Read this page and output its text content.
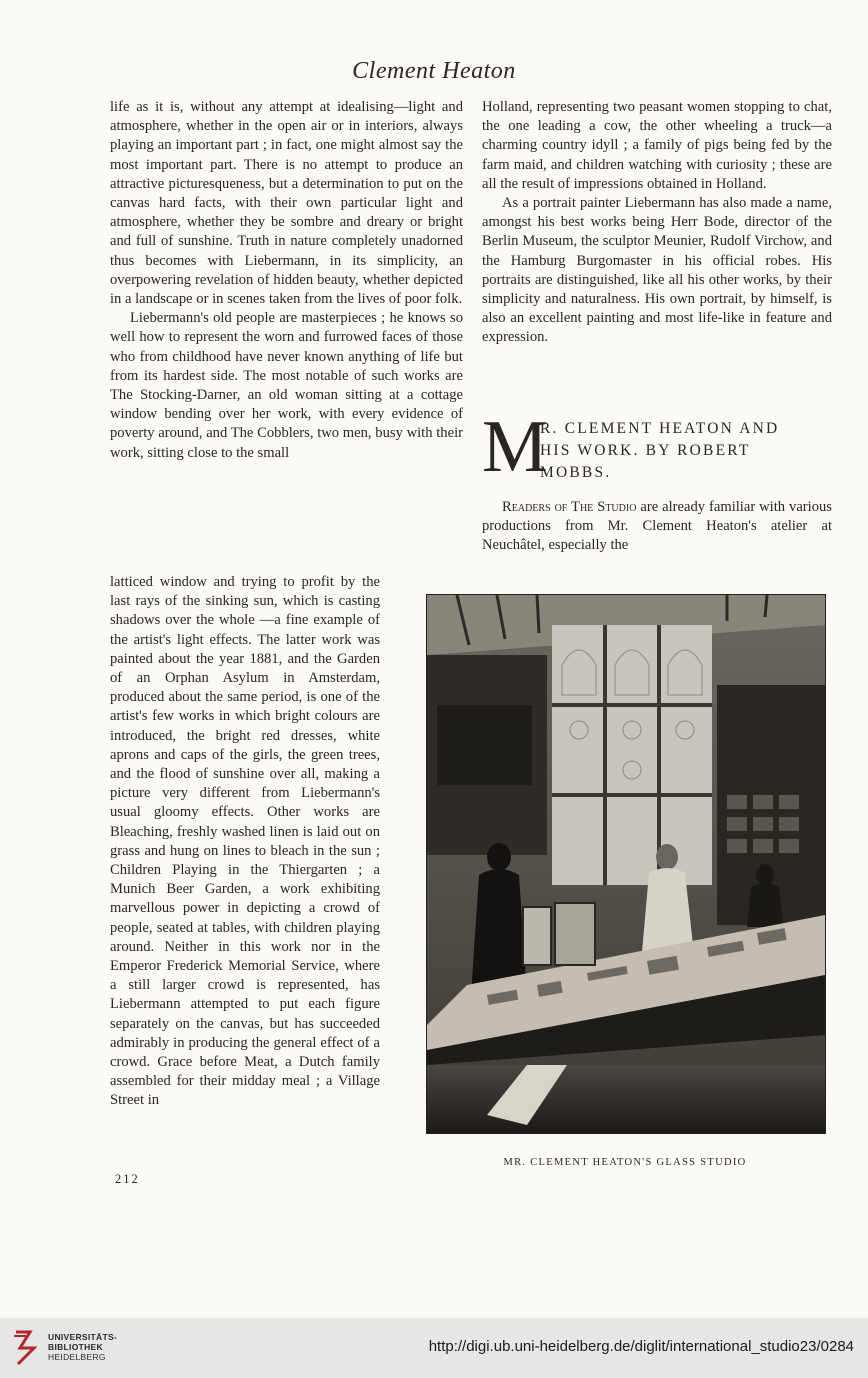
Clement Heaton

life as it is, without any attempt at idealising—light and atmosphere, whether in the open air or in interiors, always playing an important part ; in fact, one might almost say the most important part. There is no attempt to produce an attractive picturesqueness, but a determination to put on the canvas hard facts, with their own particular light and atmosphere, whether they be sombre and dreary or bright and full of sunshine. Truth in nature completely unadorned thus becomes with Liebermann, in its simplicity, an overpowering revelation of hidden beauty, whether depicted in a landscape or in scenes taken from the lives of poor folk.

Liebermann's old people are masterpieces ; he knows so well how to represent the worn and furrowed faces of those who from childhood have never known anything of life but from its hardest side. The most notable of such works are The Stocking-Darner, an old woman sitting at a cottage window bending over her work, with every evidence of poverty around, and The Cobblers, two men, busy with their work, sitting close to the small

latticed window and trying to profit by the last rays of the sinking sun, which is casting shadows over the whole —a fine example of the artist's light effects. The latter work was painted about the year 1881, and the Garden of an Orphan Asylum in Amsterdam, produced about the same period, is one of the artist's few works in which bright colours are introduced, the bright red dresses, white aprons and caps of the girls, the green trees, and the flood of sunshine over all, making a picture very different from Liebermann's usual gloomy effects. Other works are Bleaching, freshly washed linen is laid out on grass and hung on lines to bleach in the sun ; Children Playing in the Thiergarten ; a Munich Beer Garden, a work exhibiting marvellous power in depicting a crowd of people, seated at tables, with children playing around. Neither in this work nor in the Emperor Frederick Memorial Service, where a still larger crowd is represented, has Liebermann attempted to put each figure separately on the canvas, but has succeeded admirably in producing the general effect of a crowd. Grace before Meat, a Dutch family assembled for their midday meal ; a Village Street in

Holland, representing two peasant women stopping to chat, the one leading a cow, the other wheeling a truck—a charming country idyll ; a family of pigs being fed by the farm maid, and children watching with curiosity ; these are all the result of impressions obtained in Holland.

As a portrait painter Liebermann has also made a name, amongst his best works being Herr Bode, director of the Berlin Museum, the sculptor Meunier, Rudolf Virchow, and the Hamburg Burgomaster in his official robes. His portraits are distinguished, like all his other works, by their simplicity and naturalness. His own portrait, by himself, is also an excellent painting and most life-like in feature and expression.

M
R. CLEMENT HEATON AND
HIS WORK. BY ROBERT
MOBBS.

Readers of The Studio are already familiar with various productions from Mr. Clement Heaton's atelier at Neuchâtel, especially the

MR. CLEMENT HEATON'S GLASS STUDIO
212
UNIVERSITÄTS-
BIBLIOTHEK
HEIDELBERG
http://digi.ub.uni-heidelberg.de/diglit/international_studio23/0284
